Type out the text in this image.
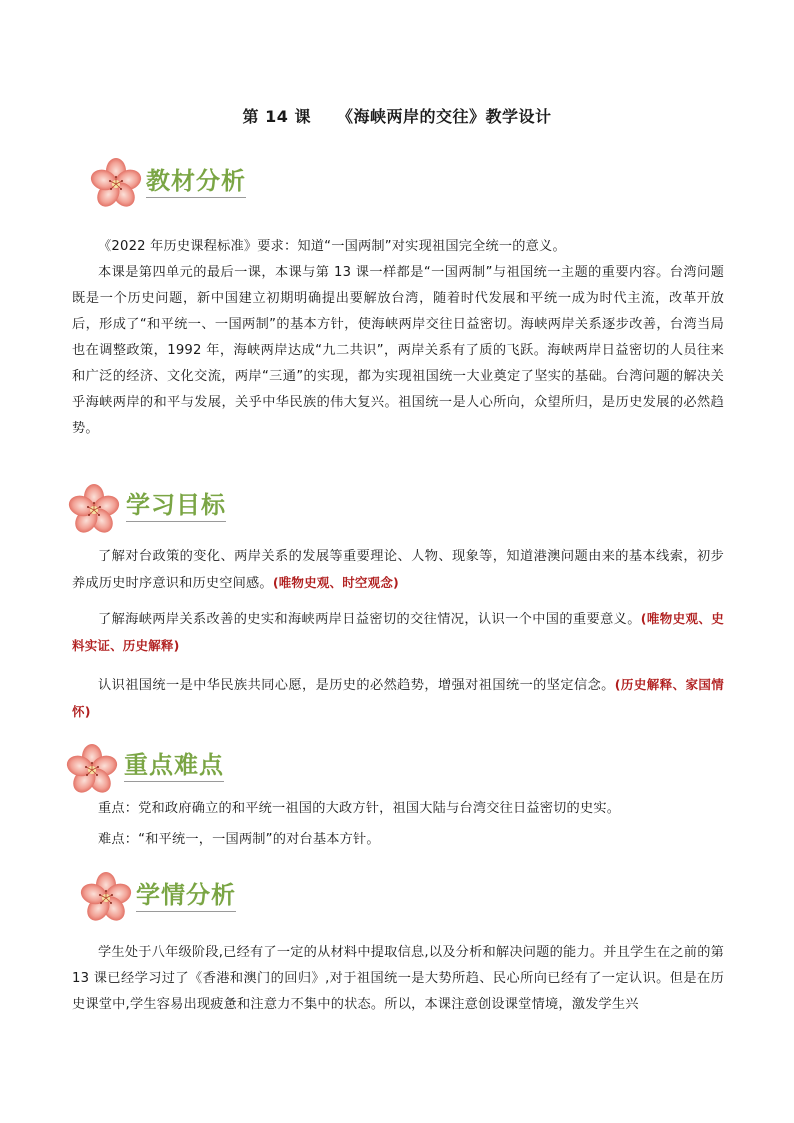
第 14 课 《海峡两岸的交往》教学设计
教材分析
《2022 年历史课程标准》要求：知道“一国两制”对实现祖国完全统一的意义。
本课是第四单元的最后一课，本课与第 13 课一样都是“一国两制”与祖国统一主题的重要内容。台湾问题既是一个历史问题，新中国建立初期明确提出要解放台湾，随着时代发展和平统一成为时代主流，改革开放后，形成了“和平统一、一国两制”的基本方针，使海峡两岸交往日益密切。海峡两岸关系逐步改善，台湾当局也在调整政策，1992 年，海峡两岸达成“九二共识”，两岸关系有了质的飞跃。海峡两岸日益密切的人员往来和广泛的经济、文化交流，两岸“三通”的实现，都为实现祖国统一大业奠定了坚实的基础。台湾问题的解决关乎海峡两岸的和平与发展，关乎中华民族的伟大复兴。祖国统一是人心所向，众望所归，是历史发展的必然趋势。
学习目标
了解对台政策的变化、两岸关系的发展等重要理论、人物、现象等，知道港澳问题由来的基本线索，初步养成历史时序意识和历史空间感。(唯物史观、时空观念)
了解海峡两岸关系改善的史实和海峡两岸日益密切的交往情况，认识一个中国的重要意义。(唯物史观、史料实证、历史解释)
认识祖国统一是中华民族共同心愿，是历史的必然趋势，增强对祖国统一的坚定信念。(历史解释、家国情怀)
重点难点
重点：党和政府确立的和平统一祖国的大政方针，祖国大陆与台湾交往日益密切的史实。
难点：“和平统一，一国两制”的对台基本方针。
学情分析
学生处于八年级阶段,已经有了一定的从材料中提取信息,以及分析和解决问题的能力。并且学生在之前的第 13 课已经学习过了《香港和澳门的回归》,对于祖国统一是大势所趋、民心所向已经有了一定认识。但是在历史课堂中,学生容易出现疲惫和注意力不集中的状态。所以，本课注意创设课堂情境，激发学生兴
